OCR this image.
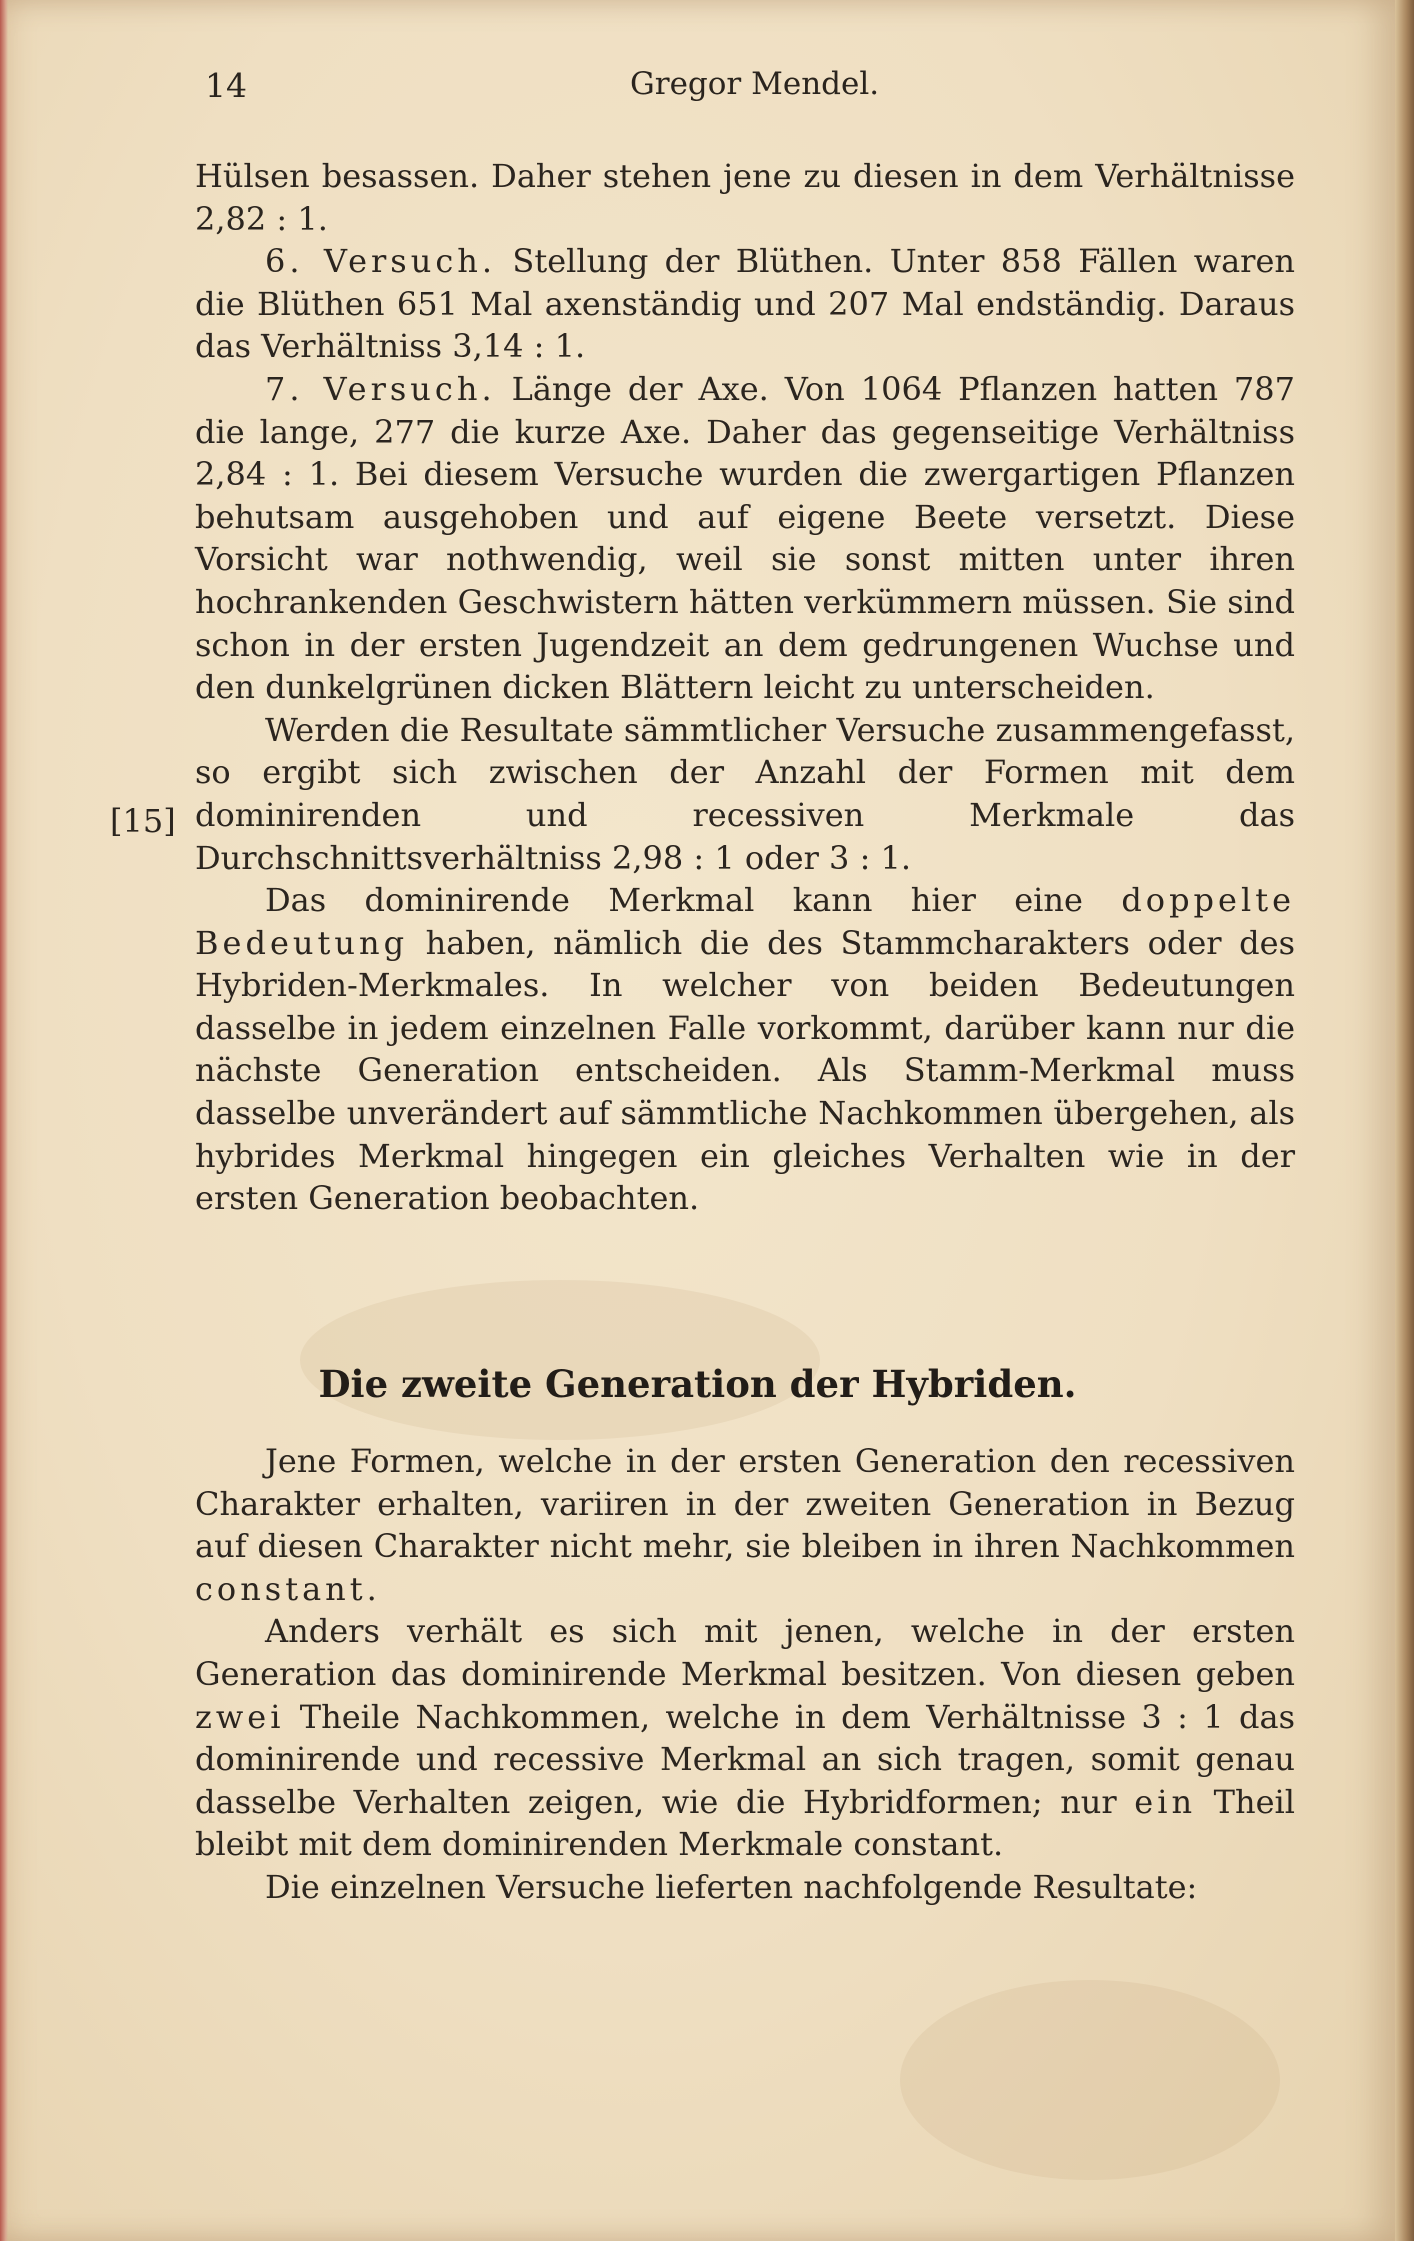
14	Gregor Mendel.

Hülsen besassen. Daher stehen jene zu diesen in dem Verhältnisse 2,82 : 1.

6. Versuch. Stellung der Blüthen. Unter 858 Fällen waren die Blüthen 651 Mal axenständig und 207 Mal endständig. Daraus das Verhältniss 3,14 : 1.

7. Versuch. Länge der Axe. Von 1064 Pflanzen hatten 787 die lange, 277 die kurze Axe. Daher das gegenseitige Verhältniss 2,84 : 1. Bei diesem Versuche wurden die zwergartigen Pflanzen behutsam ausgehoben und auf eigene Beete versetzt. Diese Vorsicht war nothwendig, weil sie sonst mitten unter ihren hochrankenden Geschwistern hätten verkümmern müssen. Sie sind schon in der ersten Jugendzeit an dem gedrungenen Wuchse und den dunkelgrünen dicken Blättern leicht zu unterscheiden.

Werden die Resultate sämmtlicher Versuche zusammengefasst, so ergibt sich zwischen der Anzahl der Formen mit dem dominirenden und recessiven Merkmale das Durchschnittsverhältniss 2,98 : 1 oder 3 : 1.

Das dominirende Merkmal kann hier eine doppelte Bedeutung haben, nämlich die des Stammcharakters oder des Hybriden-Merkmales. In welcher von beiden Bedeutungen dasselbe in jedem einzelnen Falle vorkommt, darüber kann nur die nächste Generation entscheiden. Als Stamm-Merkmal muss dasselbe unverändert auf sämmtliche Nachkommen übergehen, als hybrides Merkmal hingegen ein gleiches Verhalten wie in der ersten Generation beobachten.

[15]
Die zweite Generation der Hybriden.

Jene Formen, welche in der ersten Generation den recessiven Charakter erhalten, variiren in der zweiten Generation in Bezug auf diesen Charakter nicht mehr, sie bleiben in ihren Nachkommen constant.

Anders verhält es sich mit jenen, welche in der ersten Generation das dominirende Merkmal besitzen. Von diesen geben zwei Theile Nachkommen, welche in dem Verhältnisse 3 : 1 das dominirende und recessive Merkmal an sich tragen, somit genau dasselbe Verhalten zeigen, wie die Hybridformen; nur ein Theil bleibt mit dem dominirenden Merkmale constant.

Die einzelnen Versuche lieferten nachfolgende Resultate:
